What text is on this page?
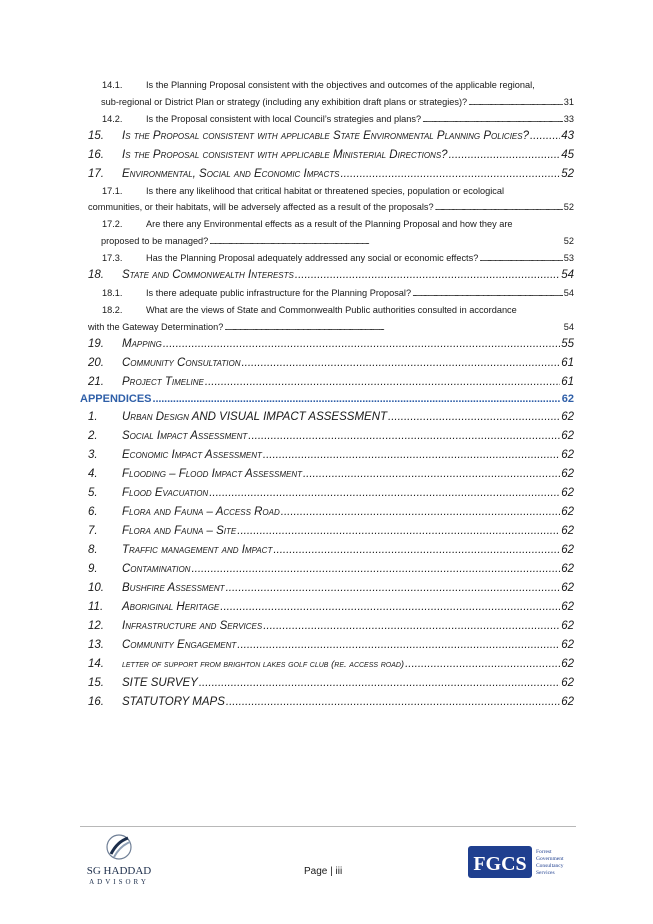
14.1.	Is the Planning Proposal consistent with the objectives and outcomes of the applicable regional,
sub-regional or District Plan or strategy (including any exhibition draft plans or strategies)? . . .	31
14.2.	Is the Proposal consistent with local Council’s strategies and plans? . . .	33
15.	Is the Proposal consistent with applicable State Environmental Planning Policies? . . .	43
16.	Is the Proposal consistent with applicable Ministerial Directions? . . .	45
17.	Environmental, Social and Economic Impacts . . .	52
17.1.	Is there any likelihood that critical habitat or threatened species, population or ecological
communities, or their habitats, will be adversely affected as a result of the proposals? . . .	52
17.2.	Are there any Environmental effects as a result of the Planning Proposal and how they are
proposed to be managed? . . .	52
17.3.	Has the Planning Proposal adequately addressed any social or economic effects? . . .	53
18.	State and Commonwealth Interests . . .	54
18.1.	Is there adequate public infrastructure for the Planning Proposal? . . .	54
18.2.	What are the views of State and Commonwealth Public authorities consulted in accordance
with the Gateway Determination? . . .	54
19.	Mapping . . .	55
20.	Community Consultation . . .	61
21.	Project Timeline . . .	61
APPENDICES . . .	62
1.	Urban Design AND VISUAL IMPACT ASSESSMENT . . .	62
2.	Social Impact Assessment . . .	62
3.	Economic Impact Assessment . . .	62
4.	Flooding – Flood Impact Assessment . . .	62
5.	Flood Evacuation . . .	62
6.	Flora and Fauna – Access Road . . .	62
7.	Flora and Fauna – Site . . .	62
8.	Traffic management and Impact . . .	62
9.	Contamination . . .	62
10.	Bushfire Assessment . . .	62
11.	Aboriginal Heritage . . .	62
12.	Infrastructure and Services . . .	62
13.	Community Engagement . . .	62
14.	letter of support from brighton lakes golf club (re. access road) . . .	62
15.	SITE SURVEY . . .	62
16.	STATUTORY MAPS . . .	62
SG HADDAD
ADVISORY
Page | iii	FGCS
Forrest
Government
Consultancy
Services
